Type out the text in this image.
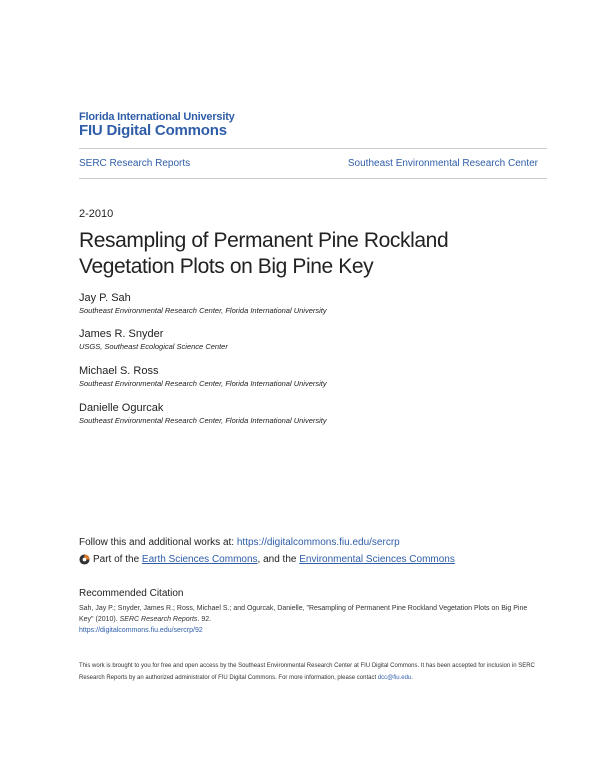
Florida International University
FIU Digital Commons
SERC Research Reports	Southeast Environmental Research Center
2-2010
Resampling of Permanent Pine Rockland Vegetation Plots on Big Pine Key
Jay P. Sah
Southeast Environmental Research Center, Florida International University
James R. Snyder
USGS, Southeast Ecological Science Center
Michael S. Ross
Southeast Environmental Research Center, Florida International University
Danielle Ogurcak
Southeast Environmental Research Center, Florida International University
Follow this and additional works at: https://digitalcommons.fiu.edu/sercrp
Part of the Earth Sciences Commons, and the Environmental Sciences Commons
Recommended Citation
Sah, Jay P.; Snyder, James R.; Ross, Michael S.; and Ogurcak, Danielle, "Resampling of Permanent Pine Rockland Vegetation Plots on Big Pine Key" (2010). SERC Research Reports. 92.
https://digitalcommons.fiu.edu/sercrp/92
This work is brought to you for free and open access by the Southeast Environmental Research Center at FIU Digital Commons. It has been accepted for inclusion in SERC Research Reports by an authorized administrator of FIU Digital Commons. For more information, please contact dcc@fiu.edu.
